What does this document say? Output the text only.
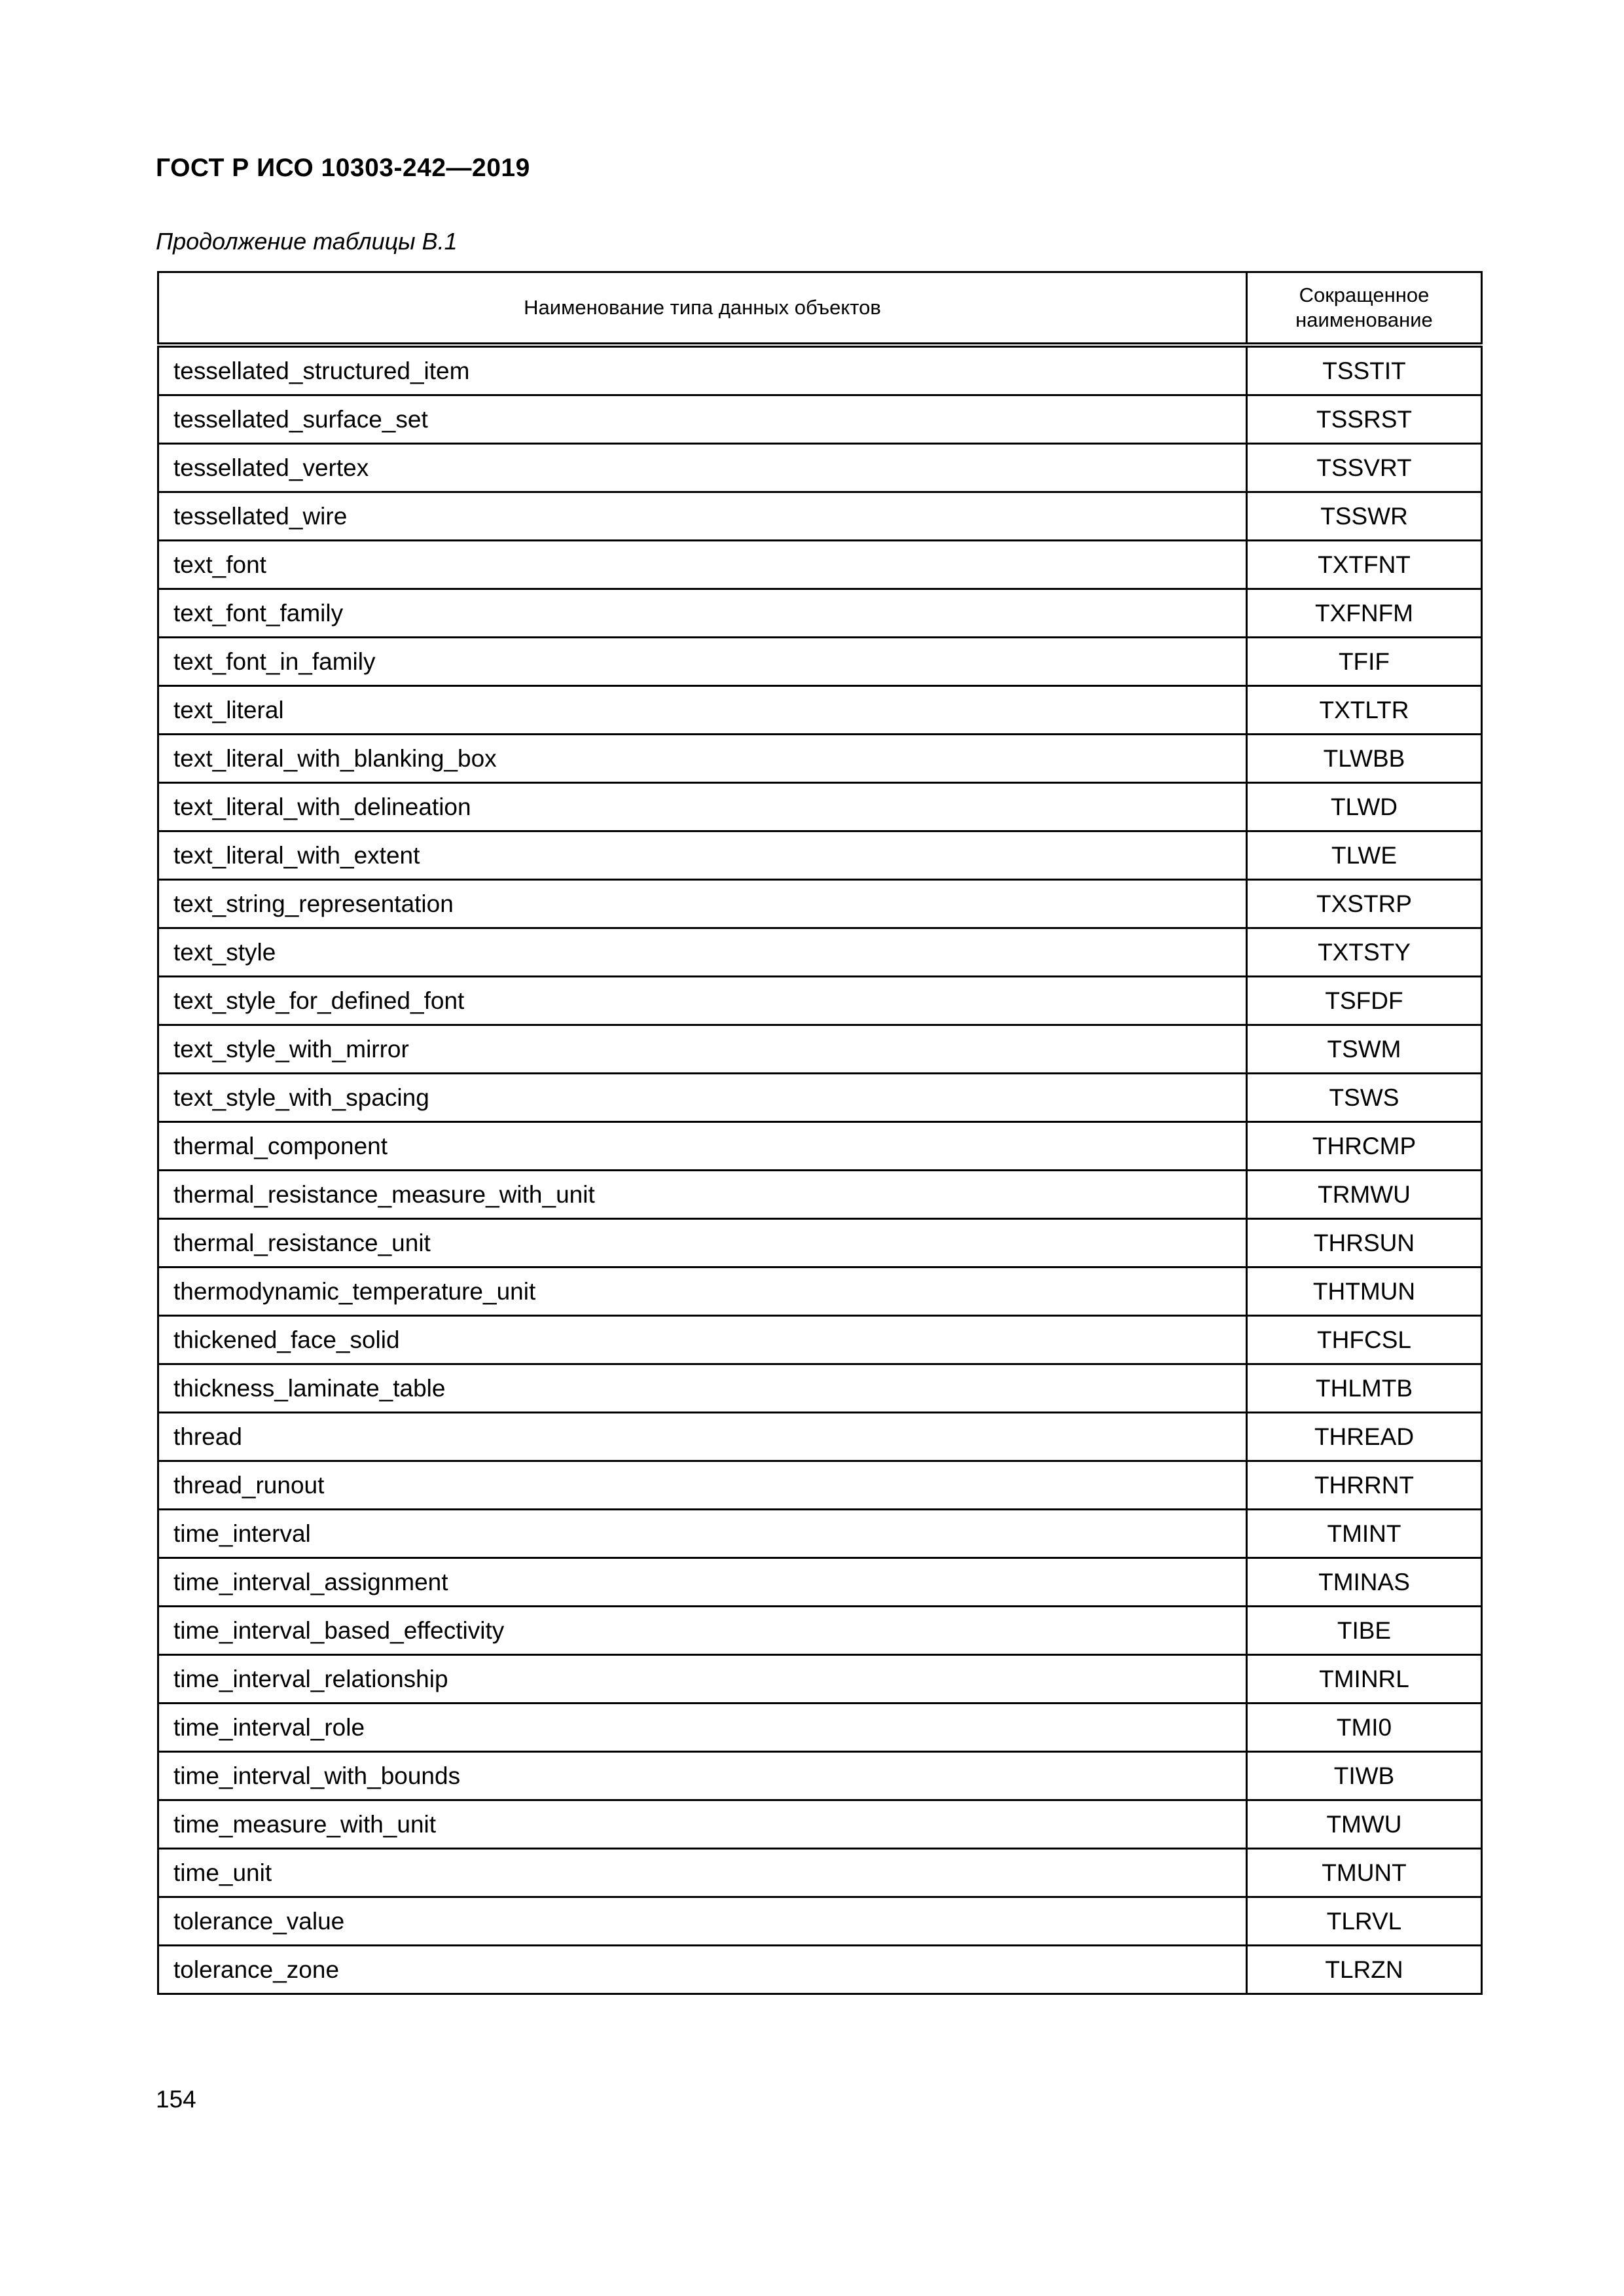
ГОСТ Р ИСО 10303-242—2019
Продолжение таблицы В.1
Наименование типа данных объектов	Сокращенное
наименование

tessellated_structured_item	TSSTIT
tessellated_surface_set	TSSRST
tessellated_vertex	TSSVRT
tessellated_wire	TSSWR
text_font	TXTFNT
text_font_family	TXFNFM
text_font_in_family	TFIF
text_literal	TXTLTR
text_literal_with_blanking_box	TLWBB
text_literal_with_delineation	TLWD
text_literal_with_extent	TLWE
text_string_representation	TXSTRP
text_style	TXTSTY
text_style_for_defined_font	TSFDF
text_style_with_mirror	TSWM
text_style_with_spacing	TSWS
thermal_component	THRCMP
thermal_resistance_measure_with_unit	TRMWU
thermal_resistance_unit	THRSUN
thermodynamic_temperature_unit	THTMUN
thickened_face_solid	THFCSL
thickness_laminate_table	THLMTB
thread	THREAD
thread_runout	THRRNT
time_interval	TMINT
time_interval_assignment	TMINAS
time_interval_based_effectivity	TIBE
time_interval_relationship	TMINRL
time_interval_role	TMI0
time_interval_with_bounds	TIWB
time_measure_with_unit	TMWU
time_unit	TMUNT
tolerance_value	TLRVL
tolerance_zone	TLRZN
154
